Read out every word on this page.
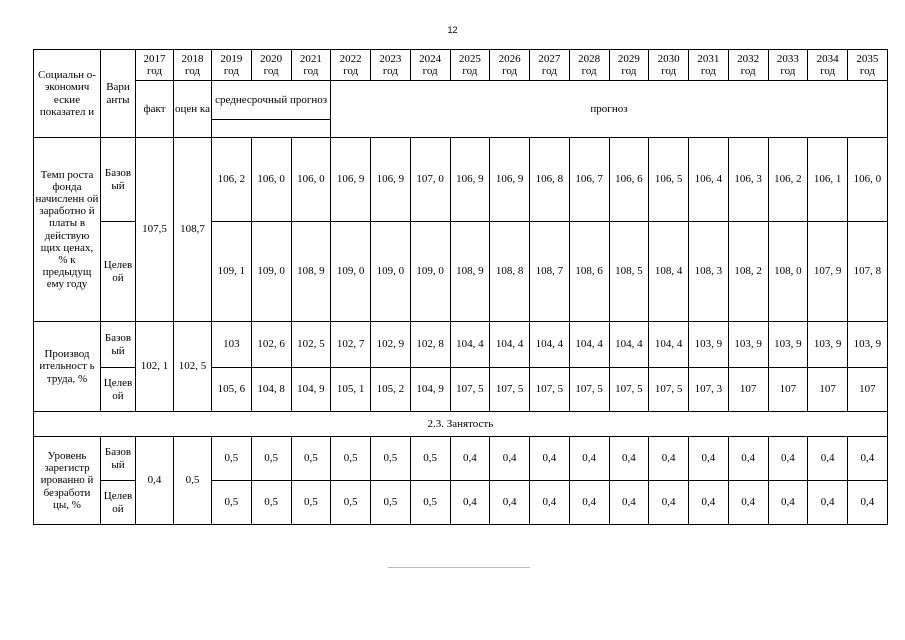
12
Социальн о-экономич еские показател и	Вари анты	2017 год	2018 год	2019 год	2020 год	2021 год	2022 год	2023 год	2024 год	2025 год	2026 год	2027 год	2028 год	2029 год	2030 год	2031 год	2032 год	2033 год	2034 год	2035 год
		факт	оцен ка	среднесрочный прогноз			прогноз													

Темп роста фонда начисленн ой заработно й платы в действую щих ценах, % к предыдущ ему году	Базов ый	107,5	108,7	106, 2	106, 0	106, 0	106, 9	106, 9	107, 0	106, 9	106, 9	106, 8	106, 7	106, 6	106, 5	106, 4	106, 3	106, 2	106, 1	106, 0
	Целев ой			109, 1	109, 0	108, 9	109, 0	109, 0	109, 0	108, 9	108, 8	108, 7	108, 6	108, 5	108, 4	108, 3	108, 2	108, 0	107, 9	107, 8
Производ ительност ь труда, %	Базов ый	102, 1	102, 5	103	102, 6	102, 5	102, 7	102, 9	102, 8	104, 4	104, 4	104, 4	104, 4	104, 4	104, 4	103, 9	103, 9	103, 9	103, 9	103, 9
	Целев ой			105, 6	104, 8	104, 9	105, 1	105, 2	104, 9	107, 5	107, 5	107, 5	107, 5	107, 5	107, 5	107, 3	107	107	107	107
2.3. Занятость																				
Уровень зарегистр ированно й безработи цы, %	Базов ый	0,4	0,5	0,5	0,5	0,5	0,5	0,5	0,5	0,4	0,4	0,4	0,4	0,4	0,4	0,4	0,4	0,4	0,4	0,4
	Целев ой			0,5	0,5	0,5	0,5	0,5	0,5	0,4	0,4	0,4	0,4	0,4	0,4	0,4	0,4	0,4	0,4	0,4
